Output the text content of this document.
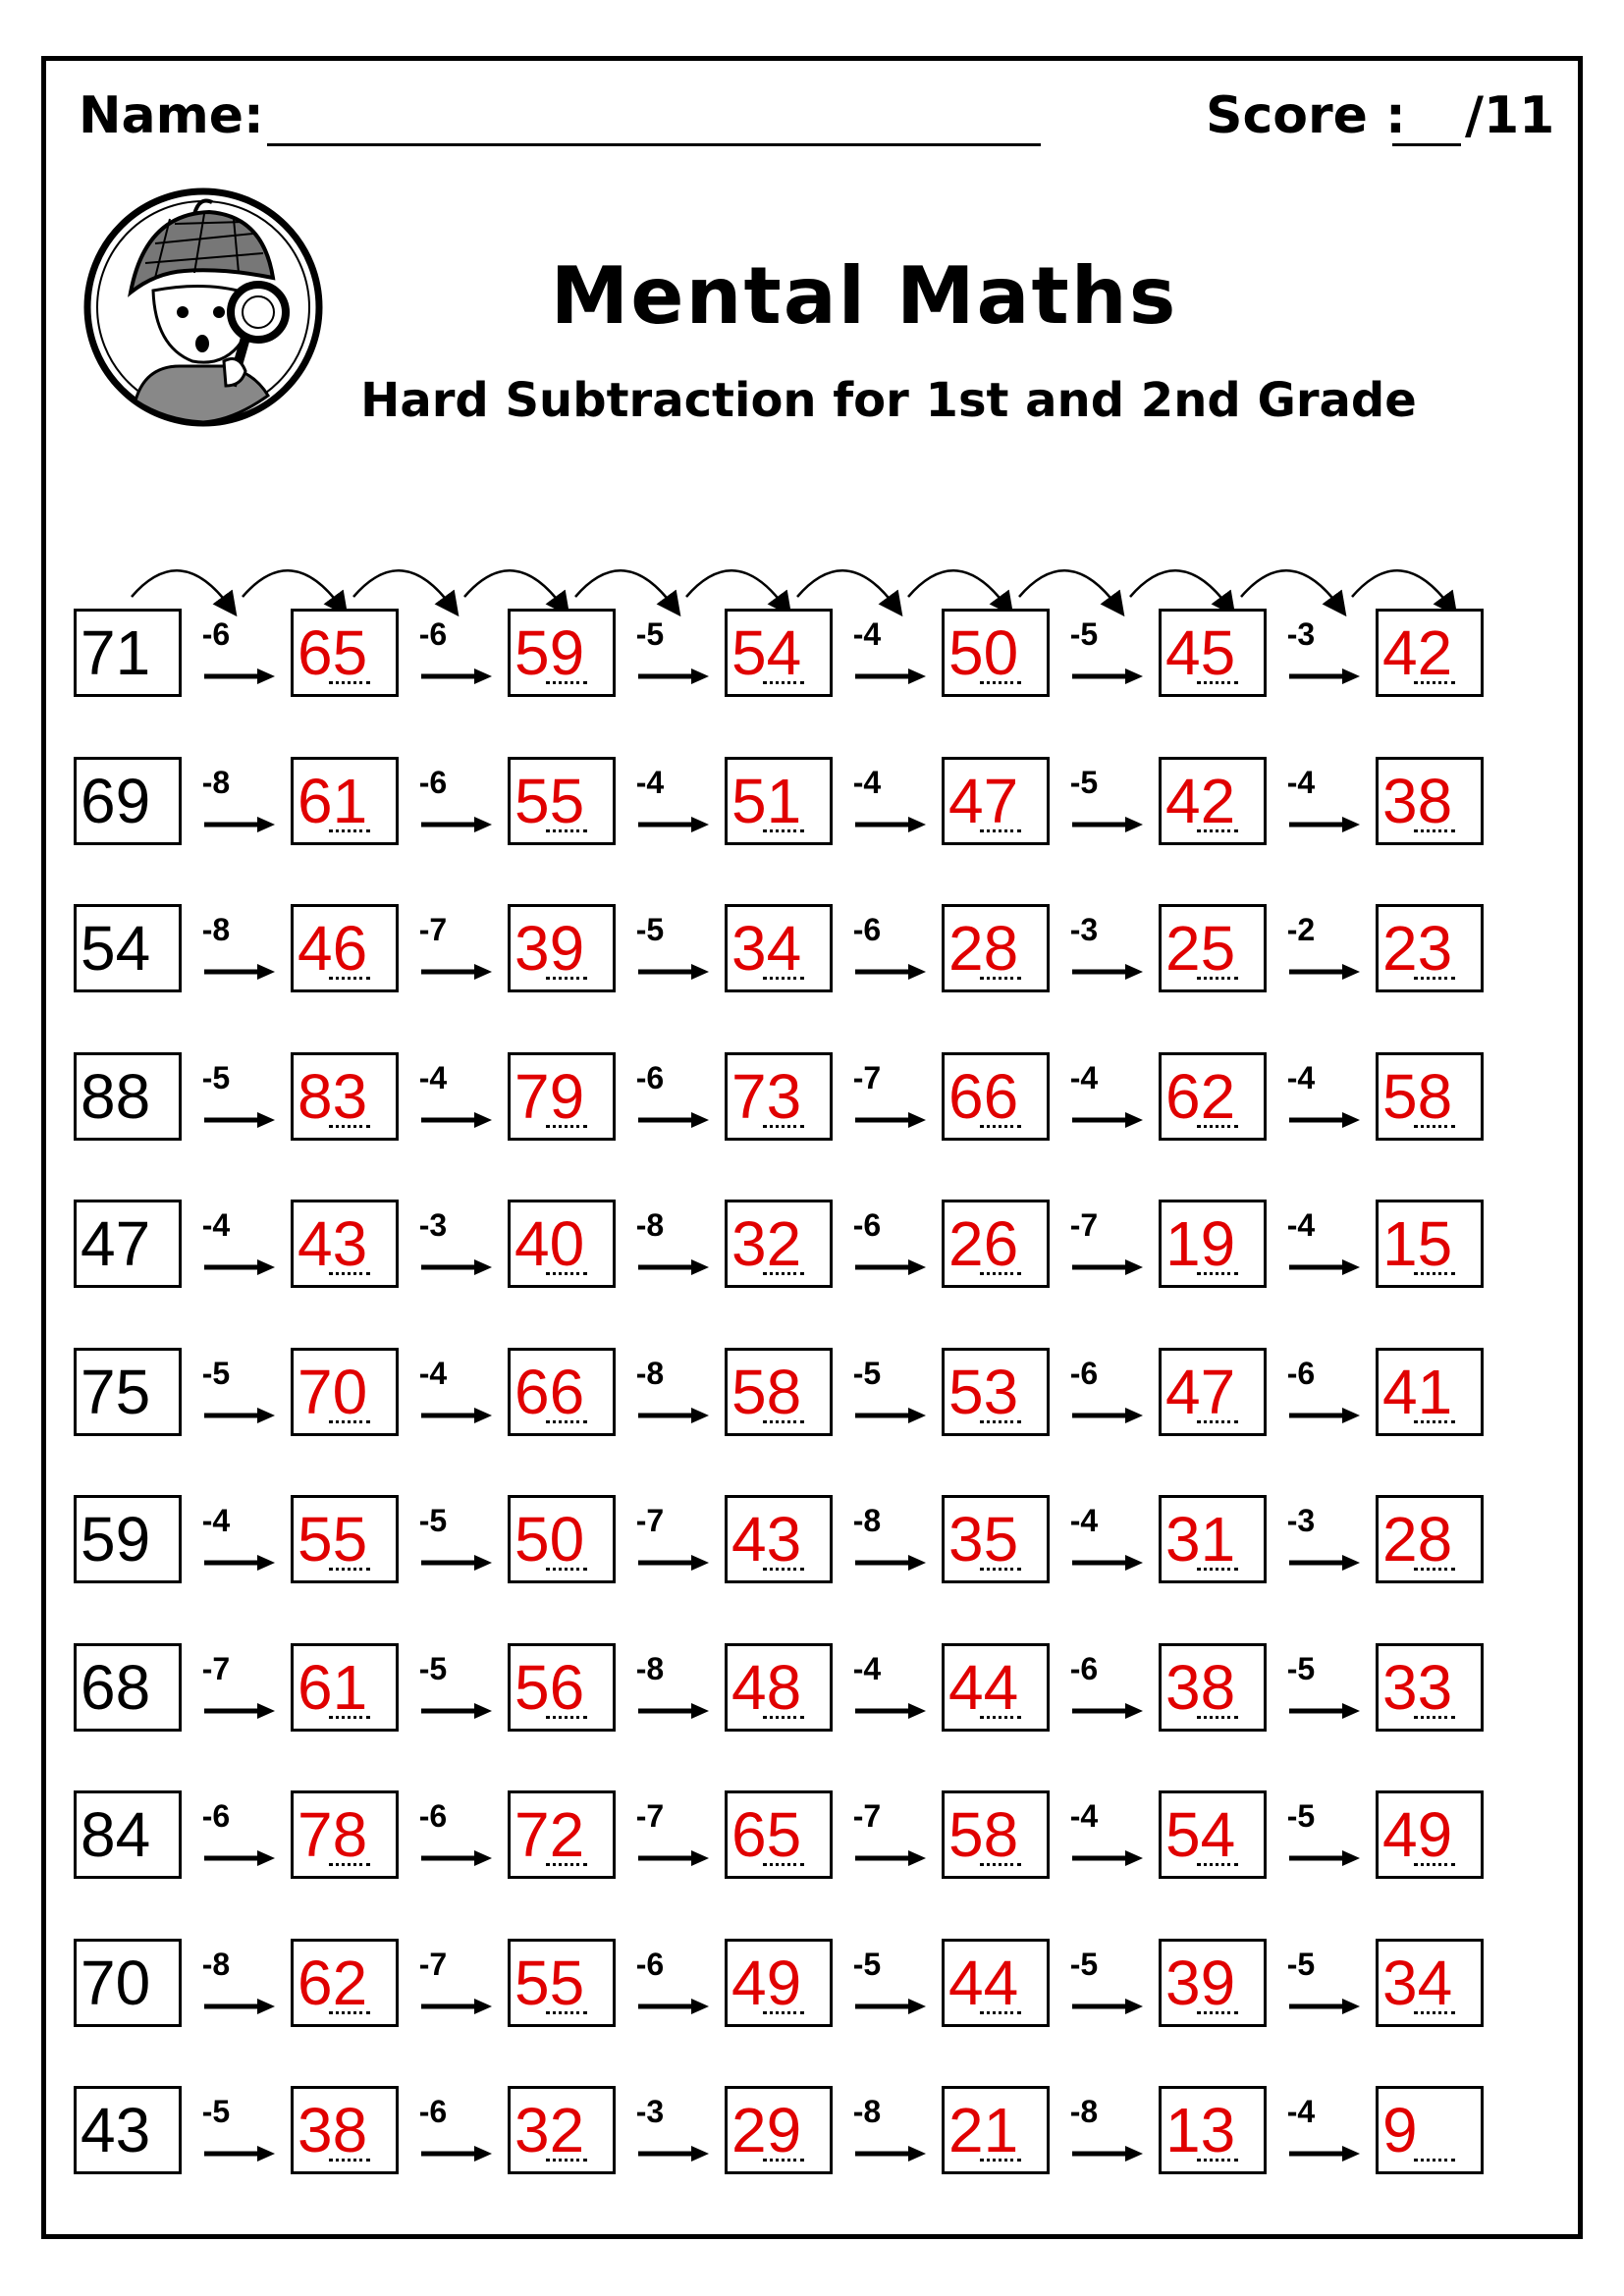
Name:	Score : /11
Mental Maths
Hard Subtraction for 1st and 2nd Grade
71	-6 65	-6 59	-5 54	-4 50	-5 45	-3 42
69	-8 61	-6 55	-4 51	-4 47	-5 42	-4 38
54	-8 46	-7 39	-5 34	-6 28	-3 25	-2 23
88	-5 83	-4 79	-6 73	-7 66	-4 62	-4 58
47	-4 43	-3 40	-8 32	-6 26	-7 19	-4 15
75	-5 70	-4 66	-8 58	-5 53	-6 47	-6 41
59	-4 55	-5 50	-7 43	-8 35	-4 31	-3 28
68	-7 61	-5 56	-8 48	-4 44	-6 38	-5 33
84	-6 78	-6 72	-7 65	-7 58	-4 54	-5 49
70	-8 62	-7 55	-6 49	-5 44	-5 39	-5 34
43	-5 38	-6 32	-3 29	-8 21	-8 13	-4 9
